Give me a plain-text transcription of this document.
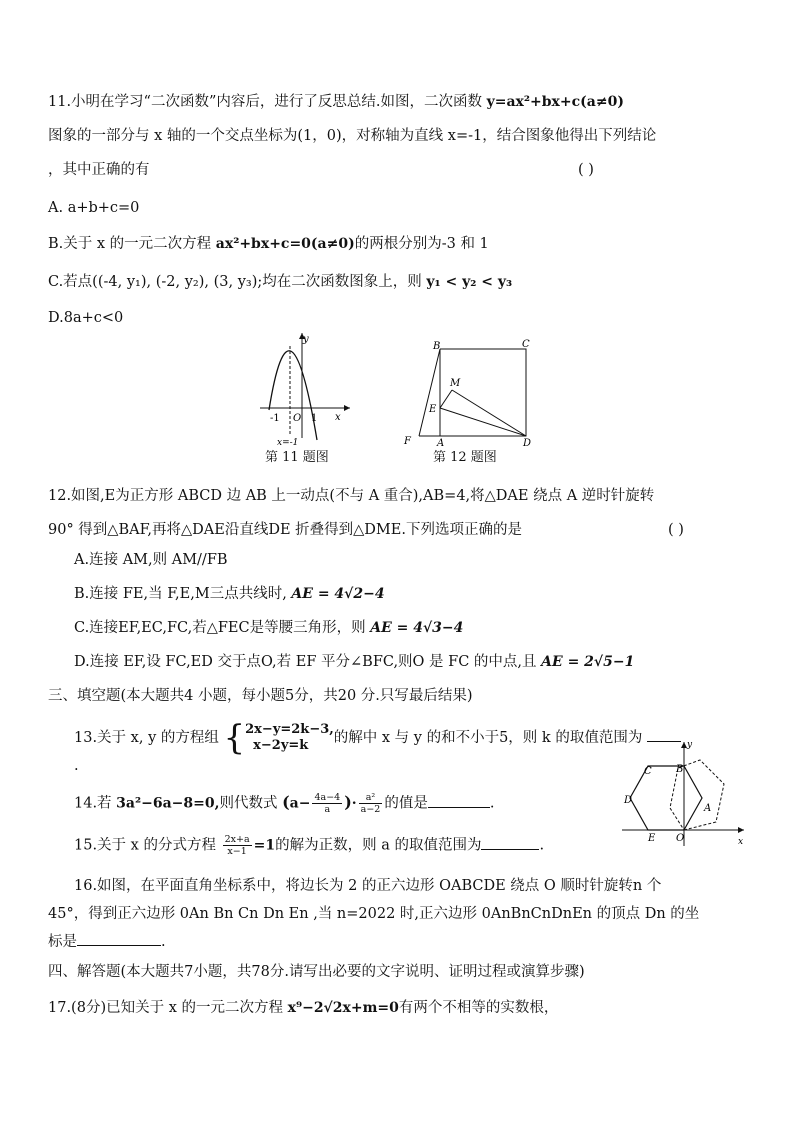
11.小明在学习“二次函数”内容后，进行了反思总结.如图，二次函数 y=ax²+bx+c(a≠0)
图象的一部分与 x 轴的一个交点坐标为(1，0)，对称轴为直线 x=-1，结合图象他得出下列结论
，其中正确的有	( )
A. a+b+c=0
B.关于 x 的一元二次方程 ax²+bx+c=0(a≠0)的两根分别为-3 和 1
C.若点((-4, y₁), (-2, y₂), (3, y₃);均在二次函数图象上，则 y₁ < y₂ < y₃
D.8a+c<0
y
x
O
-1	1
x=-1
第 11 题图
B	C
M
E
F	A	D
第 12 题图
12.如图,E为正方形 ABCD 边 AB 上一动点(不与 A 重合),AB=4,将△DAE 绕点 A 逆时针旋转
90° 得到△BAF,再将△DAE沿直线DE 折叠得到△DME.下列选项正确的是	( )
A.连接 AM,则 AM//FB
B.连接 FE,当 F,E,M三点共线时, AE = 4√2−4
C.连接EF,EC,FC,若△FEC是等腰三角形，则 AE = 4√3−4
D.连接 EF,设 FC,ED 交于点O,若 EF 平分∠BFC,则O 是 FC 的中点,且 AE = 2√5−1
三、填空题(本大题共4 小题，每小题5分，共20 分.只写最后结果)
13.关于 x, y 的方程组 {2x−y=2k−3,
x−2y=k 的解中 x 与 y 的和不小于5，则 k 的取值范围为
.
14.若 3a²−6a−8=0,则代数式 ($a- \frac{4a-4}{a}$ )· $\frac{\text{a²}}{a-2}$ 的值是	.
15.关于 x 的分式方程 $\frac{2x+a}{x-1} =1$的解为正数，则 a 的取值范围为	.
y
x
C B
D
A
E O
16.如图，在平面直角坐标系中，将边长为 2 的正六边形 OABCDE 绕点 O 顺时针旋转n 个
45°，得到正六边形 0An Bn Cn Dn En ,当 n=2022 时,正六边形 0AnBnCnDnEn 的顶点 Dn 的坐
标是	.
四、解答题(本大题共7小题，共78分.请写出必要的文字说明、证明过程或演算步骤)
17.(8分)已知关于 x 的一元二次方程 x⁹−2√2x+m=0有两个不相等的实数根，
